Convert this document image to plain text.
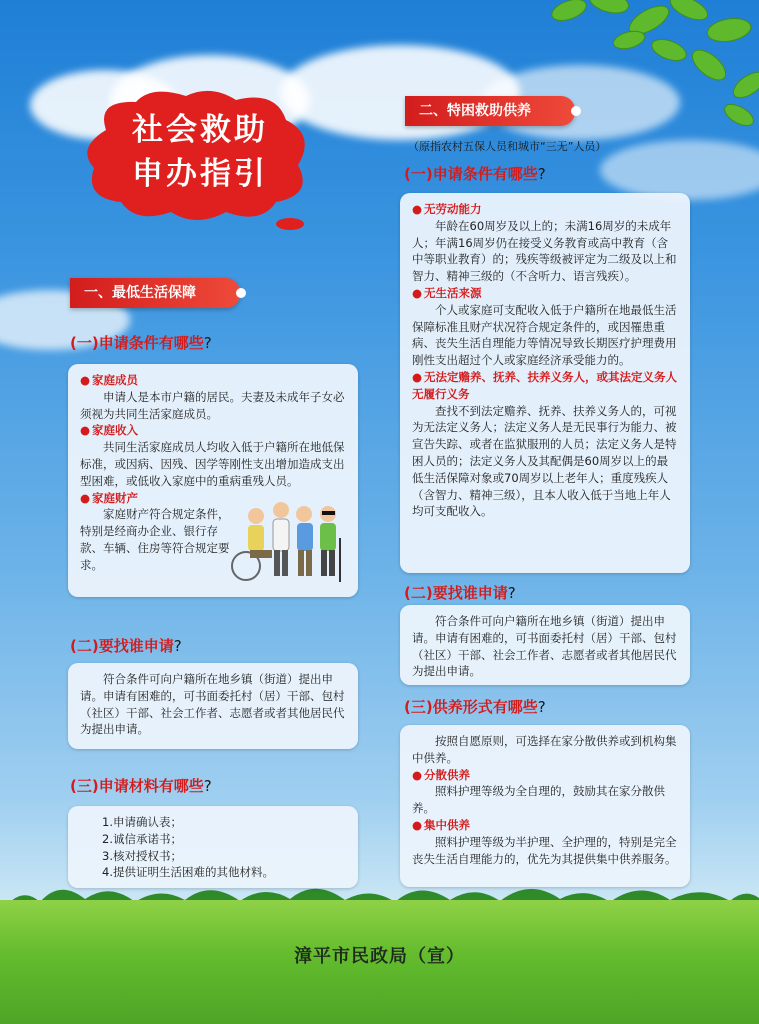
社会救助
申办指引
一、最低生活保障
(一)申请条件有哪些?
● 家庭成员

申请人是本市户籍的居民。夫妻及未成年子女必须视为共同生活家庭成员。

● 家庭收入

共同生活家庭成员人均收入低于户籍所在地低保标准，或因病、因残、因学等刚性支出增加造成支出型困难，或低收入家庭中的重病重残人员。

● 家庭财产

家庭财产符合规定条件，特别是经商办企业、银行存款、车辆、住房等符合规定要求。

(二)要找谁申请?

符合条件可向户籍所在地乡镇（街道）提出申请。申请有困难的，可书面委托村（居）干部、包村（社区）干部、社会工作者、志愿者或者其他居民代为提出申请。

(三)申请材料有哪些?

1.申请确认表；

2.诚信承诺书；

3.核对授权书；

4.提供证明生活困难的其他材料。

二、特困救助供养
（原指农村五保人员和城市“三无”人员）
(一)申请条件有哪些?
● 无劳动能力

年龄在60周岁及以上的；未满16周岁的未成年人；年满16周岁仍在接受义务教育或高中教育（含中等职业教育）的；残疾等级被评定为二级及以上和智力、精神三级的（不含听力、语言残疾）。

● 无生活来源

个人或家庭可支配收入低于户籍所在地最低生活保障标准且财产状况符合规定条件的，或因罹患重病、丧失生活自理能力等情况导致长期医疗护理费用刚性支出超过个人或家庭经济承受能力的。

● 无法定赡养、抚养、扶养义务人，或其法定义务人无履行义务

查找不到法定赡养、抚养、扶养义务人的，可视为无法定义务人；法定义务人是无民事行为能力、被宣告失踪、或者在监狱服刑的人员；法定义务人是特困人员的；法定义务人及其配偶是60周岁以上的最低生活保障对象或70周岁以上老年人；重度残疾人（含智力、精神三级），且本人收入低于当地上年人均可支配收入。

(二)要找谁申请?

符合条件可向户籍所在地乡镇（街道）提出申请。申请有困难的，可书面委托村（居）干部、包村（社区）干部、社会工作者、志愿者或者其他居民代为提出申请。

(三)供养形式有哪些?

按照自愿原则，可选择在家分散供养或到机构集中供养。

● 分散供养

照料护理等级为全自理的，鼓励其在家分散供养。

● 集中供养

照料护理等级为半护理、全护理的，特别是完全丧失生活自理能力的，优先为其提供集中供养服务。

漳平市民政局（宣）
